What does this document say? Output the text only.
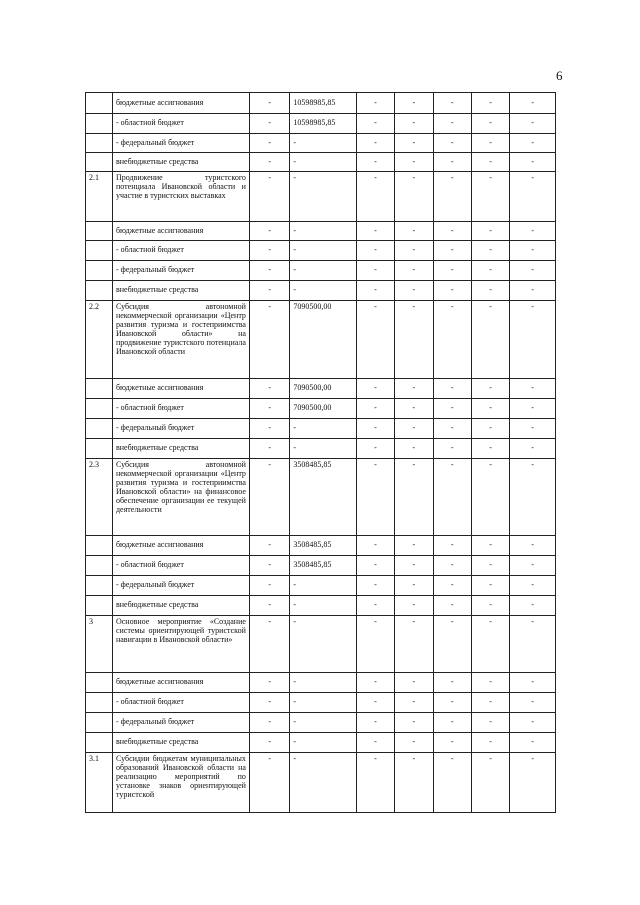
6
	бюджетные ассигнования	-	10598985,85	-	-	-	-	-
	- областной бюджет	-	10598985,85	-	-	-	-	-
	- федеральный бюджет	-	-	-	-	-	-	-
	внебюджетные средства	-	-	-	-	-	-	-
2.1	Продвижение туристского потенциала Ивановской области и участие в туристских выставках	-	-	-	-	-	-	-
	бюджетные ассигнования	-	-	-	-	-	-	-
	- областной бюджет	-	-	-	-	-	-	-
	- федеральный бюджет	-	-	-	-	-	-	-
	внебюджетные средства	-	-	-	-	-	-	-
2.2	Субсидия автономной некоммерческой организации «Центр развития туризма и гостеприимства Ивановской области» на продвижение туристского потенциала Ивановской области	-	7090500,00	-	-	-	-	-
	бюджетные ассигнования	-	7090500,00	-	-	-	-	-
	- областной бюджет	-	7090500,00	-	-	-	-	-
	- федеральный бюджет	-	-	-	-	-	-	-
	внебюджетные средства	-	-	-	-	-	-	-
2.3	Субсидия автономной некоммерческой организации «Центр развития туризма и гостеприимства Ивановской области» на финансовое обеспечение организации ее текущей деятельности	-	3508485,85	-	-	-	-	-
	бюджетные ассигнования	-	3508485,85	-	-	-	-	-
	- областной бюджет	-	3508485,85	-	-	-	-	-
	- федеральный бюджет	-	-	-	-	-	-	-
	внебюджетные средства	-	-	-	-	-	-	-
3	Основное мероприятие «Создание системы ориентирующей туристской навигации в Ивановской области»	-	-	-	-	-	-	-
	бюджетные ассигнования	-	-	-	-	-	-	-
	- областной бюджет	-	-	-	-	-	-	-
	- федеральный бюджет	-	-	-	-	-	-	-
	внебюджетные средства	-	-	-	-	-	-	-
3.1	Субсидии бюджетам муниципальных образований Ивановской области на реализацию мероприятий по установке знаков ориентирующей туристской	-	-	-	-	-	-	-
